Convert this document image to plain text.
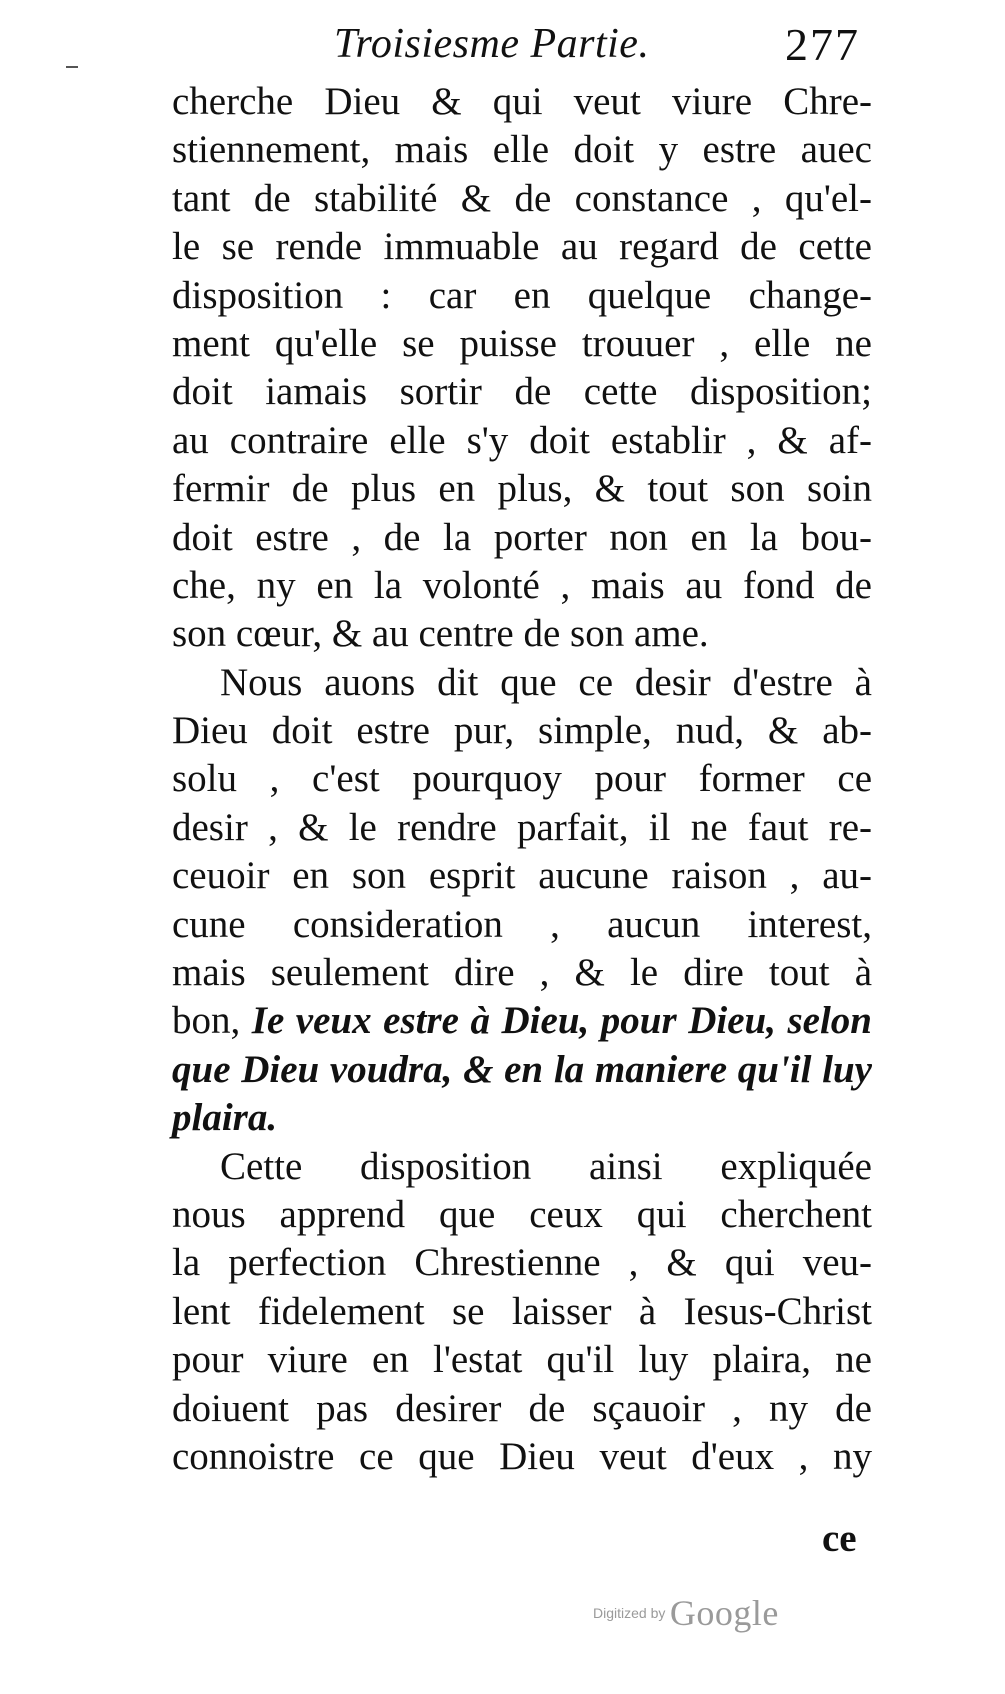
Troisiesme Partie.	277
cherche Dieu & qui veut viure Chre-
stiennement, mais elle doit y estre auec
tant de stabilité & de constance , qu'el-
le se rende immuable au regard de cette
disposition : car en quelque change-
ment qu'elle se puisse trouuer , elle ne
doit iamais sortir de cette disposition;
au contraire elle s'y doit establir , & af-
fermir de plus en plus, & tout son soin
doit estre , de la porter non en la bou-
che, ny en la volonté , mais au fond de
son cœur, & au centre de son ame.
Nous auons dit que ce desir d'estre à
Dieu doit estre pur, simple, nud, & ab-
solu , c'est pourquoy pour former ce
desir , & le rendre parfait, il ne faut re-
ceuoir en son esprit aucune raison , au-
cune consideration , aucun interest,
mais seulement dire , & le dire tout à
bon, Ie veux estre à Dieu, pour Dieu, selon
que Dieu voudra, & en la maniere qu'il luy
plaira.
Cette disposition ainsi expliquée
nous apprend que ceux qui cherchent
la perfection Chrestienne , & qui veu-
lent fidelement se laisser à Iesus-Christ
pour viure en l'estat qu'il luy plaira, ne
doiuent pas desirer de sçauoir , ny de
connoistre ce que Dieu veut d'eux , ny
ce
Digitized by Google
